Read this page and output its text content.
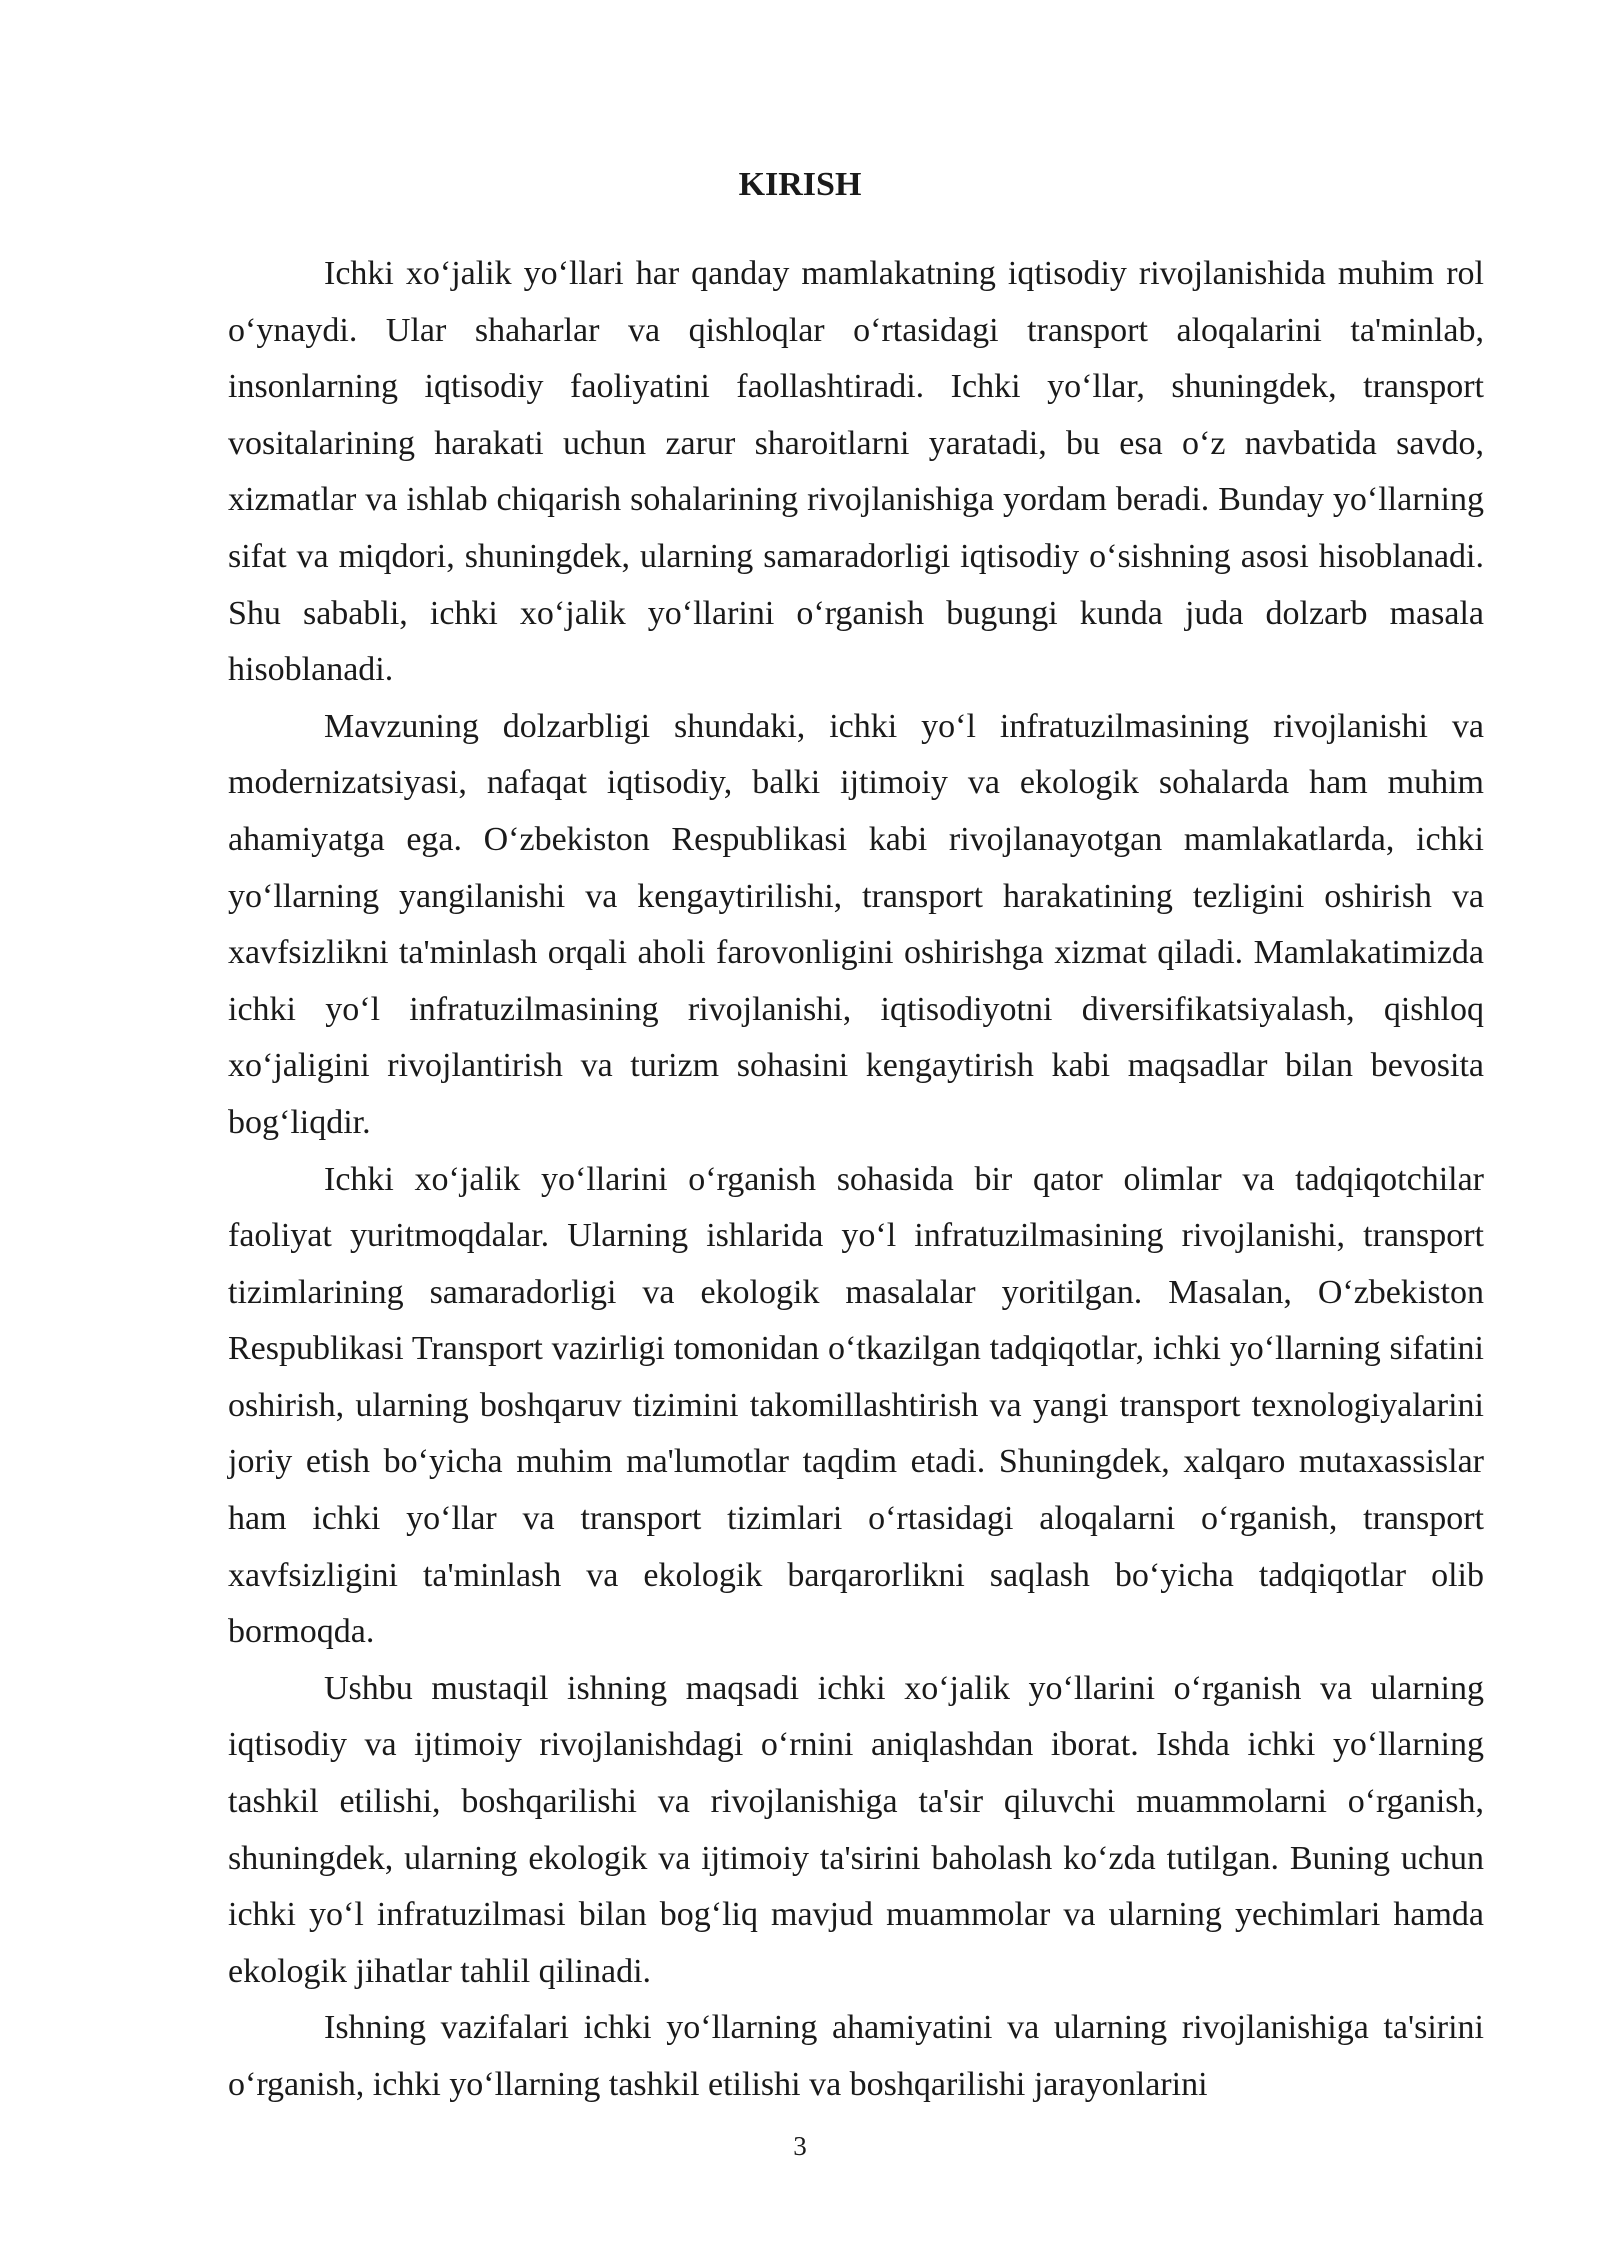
KIRISH

Ichki xo‘jalik yo‘llari har qanday mamlakatning iqtisodiy rivojlanishida muhim rol o‘ynaydi. Ular shaharlar va qishloqlar o‘rtasidagi transport aloqalarini ta'minlab, insonlarning iqtisodiy faoliyatini faollashtiradi. Ichki yo‘llar, shuningdek, transport vositalarining harakati uchun zarur sharoitlarni yaratadi, bu esa o‘z navbatida savdo, xizmatlar va ishlab chiqarish sohalarining rivojlanishiga yordam beradi. Bunday yo‘llarning sifat va miqdori, shuningdek, ularning samaradorligi iqtisodiy o‘sishning asosi hisoblanadi. Shu sababli, ichki xo‘jalik yo‘llarini o‘rganish bugungi kunda juda dolzarb masala hisoblanadi.

Mavzuning dolzarbligi shundaki, ichki yo‘l infratuzilmasining rivojlanishi va modernizatsiyasi, nafaqat iqtisodiy, balki ijtimoiy va ekologik sohalarda ham muhim ahamiyatga ega. O‘zbekiston Respublikasi kabi rivojlanayotgan mamlakatlarda, ichki yo‘llarning yangilanishi va kengaytirilishi, transport harakatining tezligini oshirish va xavfsizlikni ta'minlash orqali aholi farovonligini oshirishga xizmat qiladi. Mamlakatimizda ichki yo‘l infratuzilmasining rivojlanishi, iqtisodiyotni diversifikatsiyalash, qishloq xo‘jaligini rivojlantirish va turizm sohasini kengaytirish kabi maqsadlar bilan bevosita bog‘liqdir.

Ichki xo‘jalik yo‘llarini o‘rganish sohasida bir qator olimlar va tadqiqotchilar faoliyat yuritmoqdalar. Ularning ishlarida yo‘l infratuzilmasining rivojlanishi, transport tizimlarining samaradorligi va ekologik masalalar yoritilgan. Masalan, O‘zbekiston Respublikasi Transport vazirligi tomonidan o‘tkazilgan tadqiqotlar, ichki yo‘llarning sifatini oshirish, ularning boshqaruv tizimini takomillashtirish va yangi transport texnologiyalarini joriy etish bo‘yicha muhim ma'lumotlar taqdim etadi. Shuningdek, xalqaro mutaxassislar ham ichki yo‘llar va transport tizimlari o‘rtasidagi aloqalarni o‘rganish, transport xavfsizligini ta'minlash va ekologik barqarorlikni saqlash bo‘yicha tadqiqotlar olib bormoqda.

Ushbu mustaqil ishning maqsadi ichki xo‘jalik yo‘llarini o‘rganish va ularning iqtisodiy va ijtimoiy rivojlanishdagi o‘rnini aniqlashdan iborat. Ishda ichki yo‘llarning tashkil etilishi, boshqarilishi va rivojlanishiga ta'sir qiluvchi muammolarni o‘rganish, shuningdek, ularning ekologik va ijtimoiy ta'sirini baholash ko‘zda tutilgan. Buning uchun ichki yo‘l infratuzilmasi bilan bog‘liq mavjud muammolar va ularning yechimlari hamda ekologik jihatlar tahlil qilinadi.

Ishning vazifalari ichki yo‘llarning ahamiyatini va ularning rivojlanishiga ta'sirini o‘rganish, ichki yo‘llarning tashkil etilishi va boshqarilishi jarayonlarini

3
